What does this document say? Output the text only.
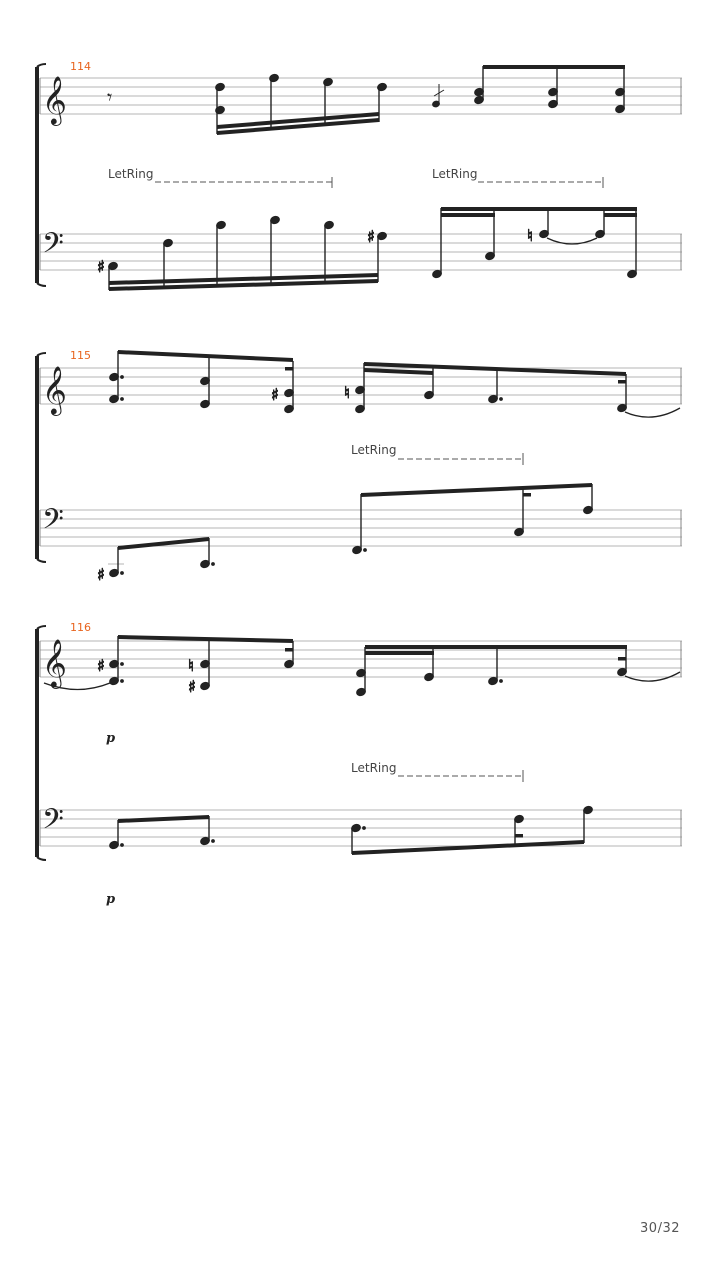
114
𝄞 𝄾
LetRing	LetRing
𝄢 ♯
♯	♮
115
𝄞	♯	♮
LetRing
𝄢
♯
116
𝄞 ♯	♮
♯
p
LetRing
𝄢
p
30/32
